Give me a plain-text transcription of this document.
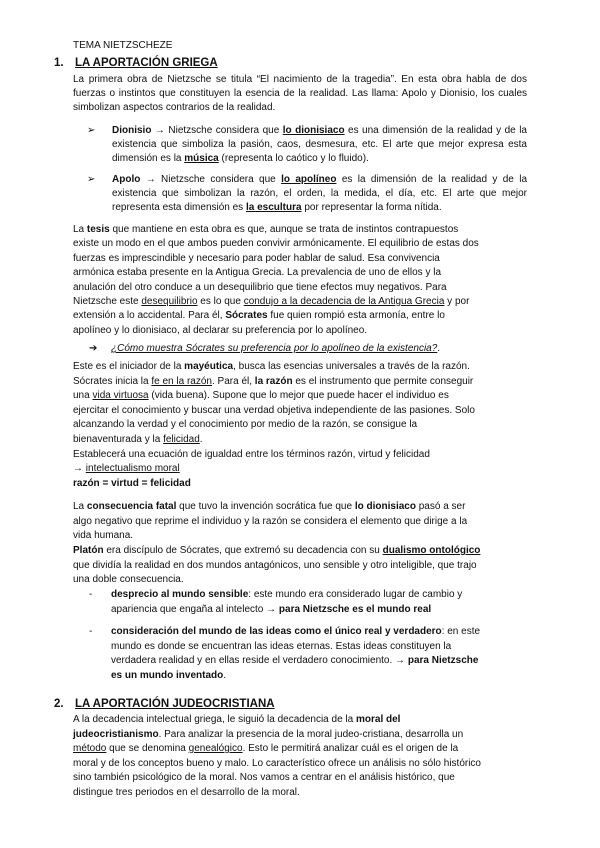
TEMA NIETZSCHEZE
1. LA APORTACIÓN GRIEGA

La primera obra de Nietzsche se titula “El nacimiento de la tragedia”. En esta obra habla de dos fuerzas o instintos que constituyen la esencia de la realidad. Las llama: Apolo y Dionisio, los cuales simbolizan aspectos contrarios de la realidad.

➢ Dionisio → Nietzsche considera que lo dionisiaco es una dimensión de la realidad y de la existencia que simboliza la pasión, caos, desmesura, etc. El arte que mejor expresa esta dimensión es la música (representa lo caótico y lo fluido).
➢ Apolo → Nietzsche considera que lo apolíneo es la dimensión de la realidad y de la existencia que simbolizan la razón, el orden, la medida, el día, etc. El arte que mejor representa esta dimensión es la escultura por representar la forma nítida.
La tesis que mantiene en esta obra es que, aunque se trata de instintos contrapuestos
existe un modo en el que ambos pueden convivir armónicamente. El equilibrio de estas dos
fuerzas es imprescindible y necesario para poder hablar de salud. Esa convivencia
armónica estaba presente en la Antigua Grecia. La prevalencia de uno de ellos y la
anulación del otro conduce a un desequilibrio que tiene efectos muy negativos. Para
Nietzsche este desequilibrio es lo que condujo a la decadencia de la Antigua Grecia y por
extensión a lo accidental. Para él, Sócrates fue quien rompió esta armonía, entre lo
apolíneo y lo dionisiaco, al declarar su preferencia por lo apolíneo.
➔ ¿Cómo muestra Sócrates su preferencia por lo apolíneo de la existencia?.
Este es el iniciador de la mayéutica, busca las esencias universales a través de la razón.
Sócrates inicia la fe en la razón. Para él, la razón es el instrumento que permite conseguir
una vida virtuosa (vida buena). Supone que lo mejor que puede hacer el individuo es
ejercitar el conocimiento y buscar una verdad objetiva independiente de las pasiones. Solo
alcanzando la verdad y el conocimiento por medio de la razón, se consigue la
bienaventurada y la felicidad.
Establecerá una ecuación de igualdad entre los términos razón, virtud y felicidad
→ intelectualismo moral
razón = virtud = felicidad
La consecuencia fatal que tuvo la invención socrática fue que lo dionisiaco pasó a ser
algo negativo que reprime el individuo y la razón se considera el elemento que dirige a la
vida humana.
Platón era discípulo de Sócrates, que extremó su decadencia con su dualismo ontológico
que dividía la realidad en dos mundos antagónicos, uno sensible y otro inteligible, que trajo
una doble consecuencia.
- desprecio al mundo sensible: este mundo era considerado lugar de cambio y
apariencia que engaña al intelecto → para Nietzsche es el mundo real
- consideración del mundo de las ideas como el único real y verdadero: en este
mundo es donde se encuentran las ideas eternas. Estas ideas constituyen la
verdadera realidad y en ellas reside el verdadero conocimiento. → para Nietzsche
es un mundo inventado.
2. LA APORTACIÓN JUDEOCRISTIANA
A la decadencia intelectual griega, le siguió la decadencia de la moral del
judeocristianismo. Para analizar la presencia de la moral judeo-cristiana, desarrolla un
método que se denomina genealógico. Esto le permitirá analizar cuál es el origen de la
moral y de los conceptos bueno y malo. Lo característico ofrece un análisis no sólo histórico
sino también psicológico de la moral. Nos vamos a centrar en el análisis histórico, que
distingue tres periodos en el desarrollo de la moral.
